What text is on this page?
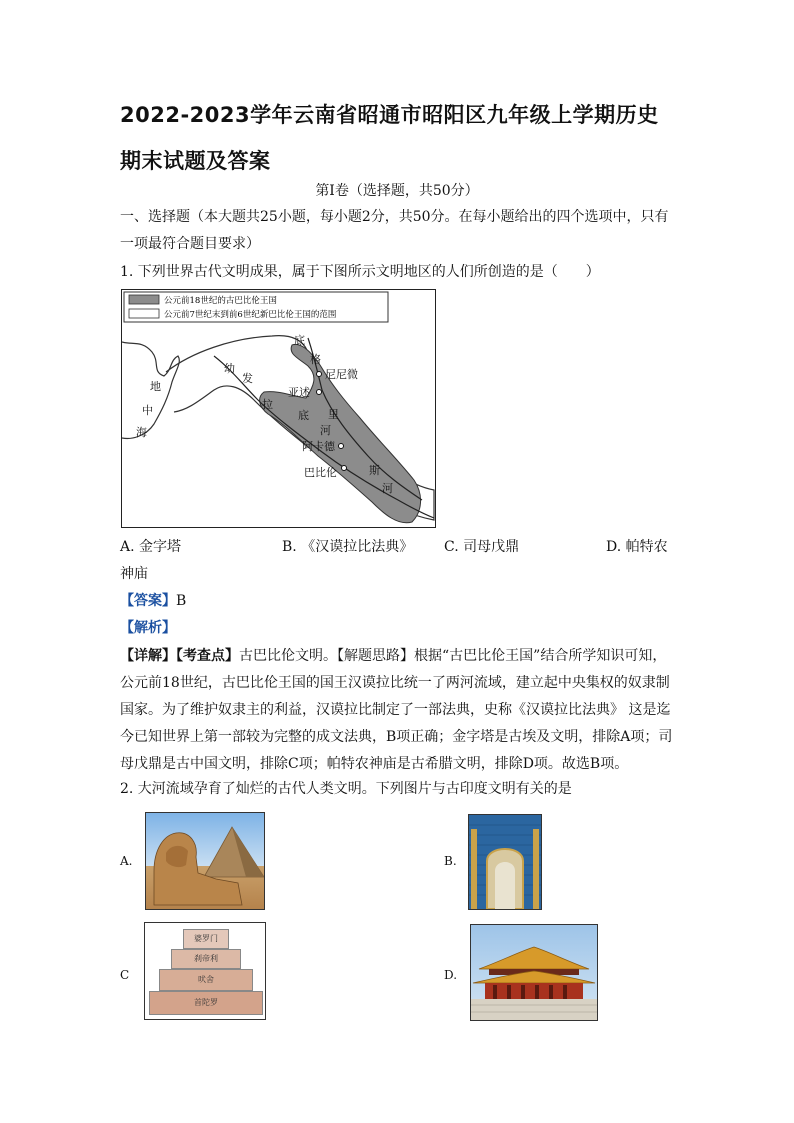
2022-2023学年云南省昭通市昭阳区九年级上学期历史期末试题及答案
第Ⅰ卷（选择题，共50分）
一、选择题（本大题共25小题，每小题2分，共50分。在每小题给出的四个选项中，只有一项最符合题目要求）
1. 下列世界古代文明成果，属于下图所示文明地区的人们所创造的是（　　）
公元前18世纪的古巴比伦王国
公元前7世纪末到前6世纪新巴比伦王国的范围
地
中
海
幼
发
拉
底
底
格
里
河
斯
河
尼尼微
亚述
阿卡德
巴比伦
A. 金字塔	B. 《汉谟拉比法典》 C. 司母戊鼎	D. 帕特农
神庙
【答案】B
【解析】
【详解】【考查点】古巴比伦文明。【解题思路】根据“古巴比伦王国”结合所学知识可知，公元前18世纪，古巴比伦王国的国王汉谟拉比统一了两河流域，建立起中央集权的奴隶制国家。为了维护奴隶主的利益，汉谟拉比制定了一部法典，史称《汉谟拉比法典》 这是迄今已知世界上第一部较为完整的成文法典，B项正确；金字塔是古埃及文明，排除A项；司母戊鼎是古中国文明，排除C项；帕特农神庙是古希腊文明，排除D项。故选B项。
2. 大河流域孕育了灿烂的古代人类文明。下列图片与古印度文明有关的是
A.	B.
C
婆罗门
刹帝利
吠舍
首陀罗
D.
